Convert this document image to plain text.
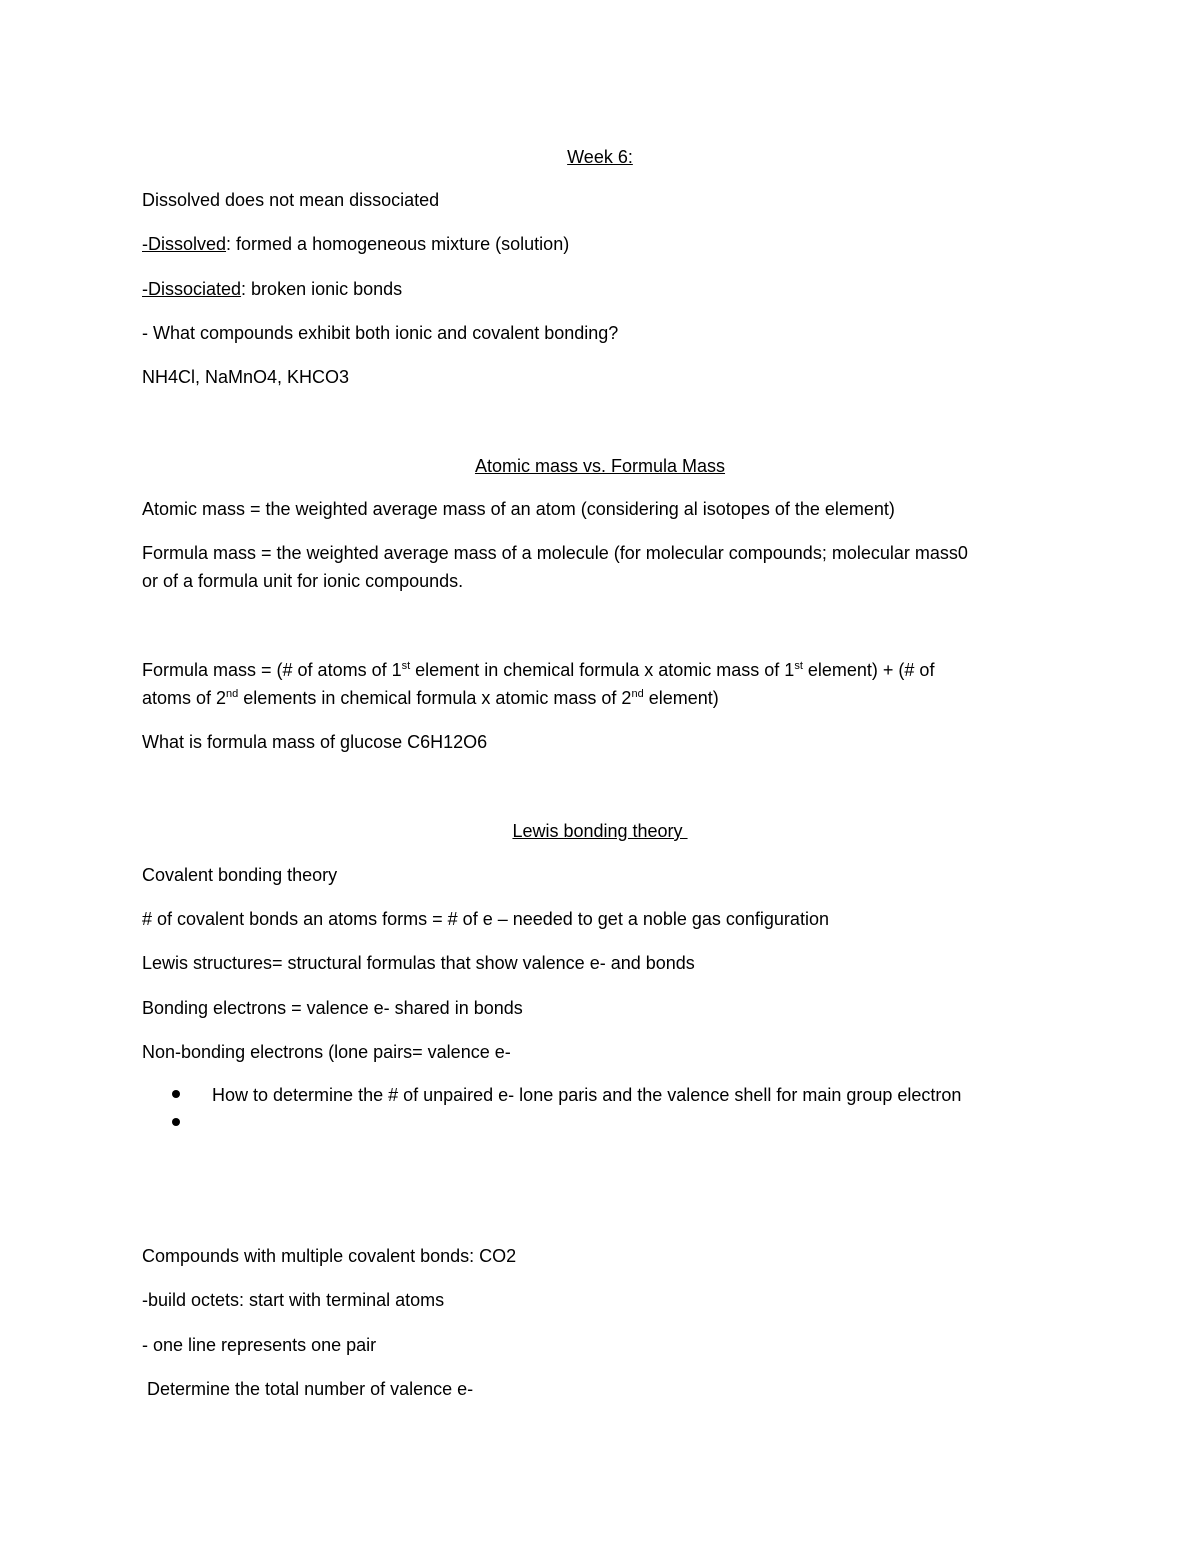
Week 6:
Dissolved does not mean dissociated
-Dissolved: formed a homogeneous mixture (solution)
-Dissociated: broken ionic bonds
- What compounds exhibit both ionic and covalent bonding?
NH4Cl, NaMnO4, KHCO3
Atomic mass vs. Formula Mass
Atomic mass = the weighted average mass of an atom (considering al isotopes of the element)
Formula mass = the weighted average mass of a molecule (for molecular compounds; molecular mass0
or of a formula unit for ionic compounds.
Formula mass = (# of atoms of 1st element in chemical formula x atomic mass of 1st element) + (# of
atoms of 2nd elements in chemical formula x atomic mass of 2nd element)
What is formula mass of glucose C6H12O6
Lewis bonding theory
Covalent bonding theory
# of covalent bonds an atoms forms = # of e – needed to get a noble gas configuration
Lewis structures= structural formulas that show valence e- and bonds
Bonding electrons = valence e- shared in bonds
Non-bonding electrons (lone pairs= valence e-
How to determine the # of unpaired e- lone paris and the valence shell for main group electron
Compounds with multiple covalent bonds: CO2
-build octets: start with terminal atoms
- one line represents one pair
Determine the total number of valence e-
